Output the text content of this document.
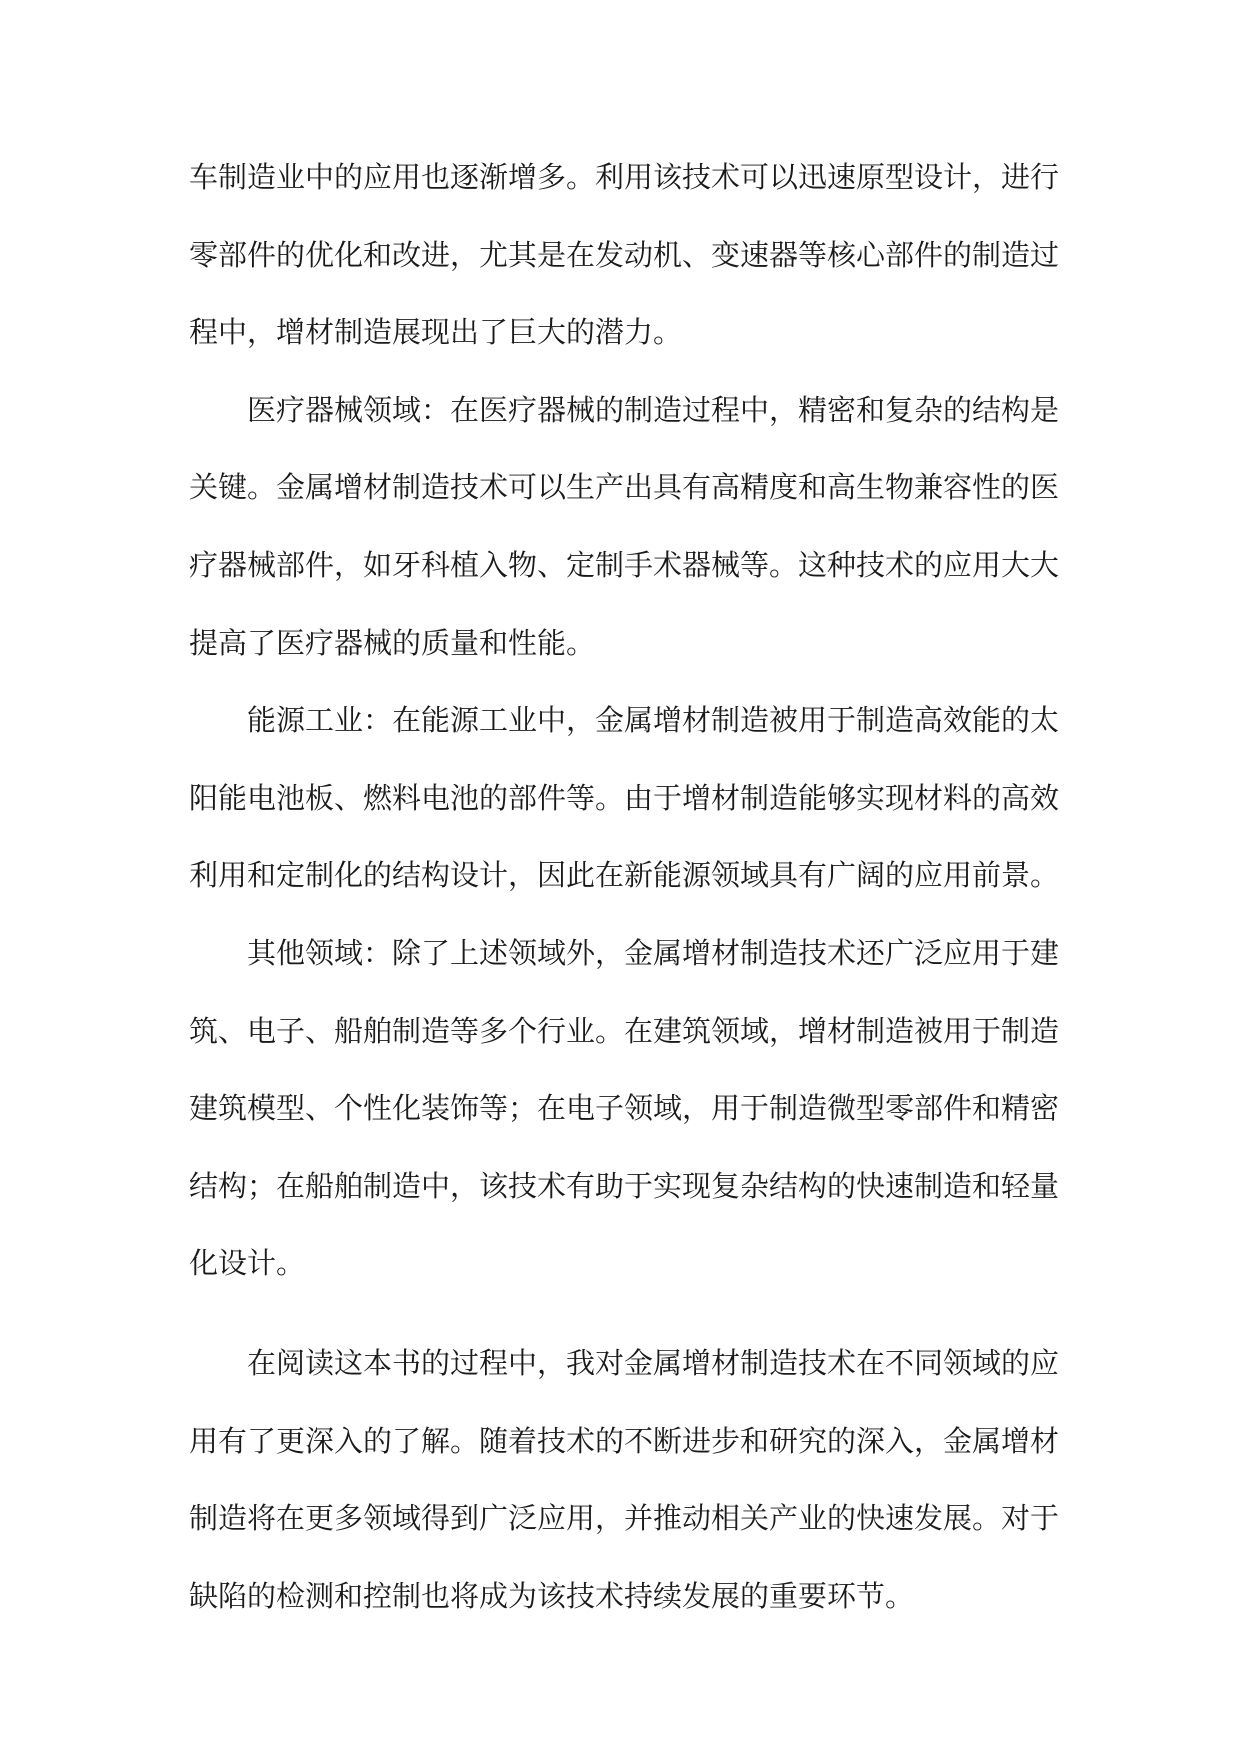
车制造业中的应用也逐渐增多。利用该技术可以迅速原型设计，进行
零部件的优化和改进，尤其是在发动机、变速器等核心部件的制造过
程中，增材制造展现出了巨大的潜力。
医疗器械领域：在医疗器械的制造过程中，精密和复杂的结构是
关键。金属增材制造技术可以生产出具有高精度和高生物兼容性的医
疗器械部件，如牙科植入物、定制手术器械等。这种技术的应用大大
提高了医疗器械的质量和性能。
能源工业：在能源工业中，金属增材制造被用于制造高效能的太
阳能电池板、燃料电池的部件等。由于增材制造能够实现材料的高效
利用和定制化的结构设计，因此在新能源领域具有广阔的应用前景。
其他领域：除了上述领域外，金属增材制造技术还广泛应用于建
筑、电子、船舶制造等多个行业。在建筑领域，增材制造被用于制造
建筑模型、个性化装饰等；在电子领域，用于制造微型零部件和精密
结构；在船舶制造中，该技术有助于实现复杂结构的快速制造和轻量
化设计。
在阅读这本书的过程中，我对金属增材制造技术在不同领域的应
用有了更深入的了解。随着技术的不断进步和研究的深入，金属增材
制造将在更多领域得到广泛应用，并推动相关产业的快速发展。对于
缺陷的检测和控制也将成为该技术持续发展的重要环节。
